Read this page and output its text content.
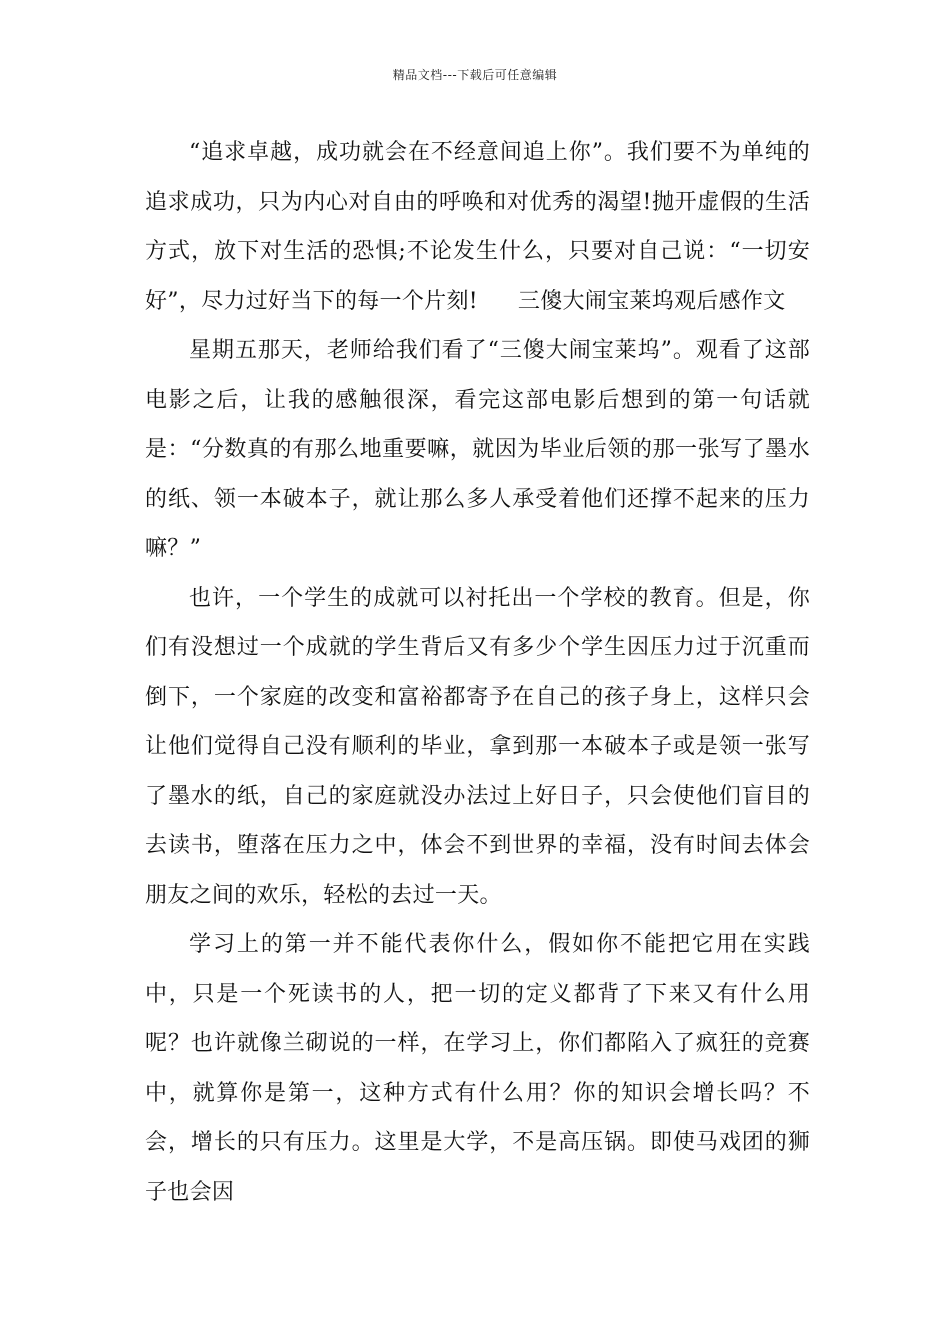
精品文档---下载后可任意编辑

“追求卓越，成功就会在不经意间追上你”。我们要不为单纯的追求成功，只为内心对自由的呼唤和对优秀的渴望!抛开虚假的生活方式，放下对生活的恐惧;不论发生什么，只要对自己说：“一切安好”，尽力过好当下的每一个片刻! 三傻大闹宝莱坞观后感作文

星期五那天，老师给我们看了“三傻大闹宝莱坞”。观看了这部电影之后，让我的感触很深，看完这部电影后想到的第一句话就是：“分数真的有那么地重要嘛，就因为毕业后领的那一张写了墨水的纸、领一本破本子，就让那么多人承受着他们还撑不起来的压力嘛？”

也许，一个学生的成就可以衬托出一个学校的教育。但是，你们有没想过一个成就的学生背后又有多少个学生因压力过于沉重而倒下，一个家庭的改变和富裕都寄予在自己的孩子身上，这样只会让他们觉得自己没有顺利的毕业，拿到那一本破本子或是领一张写了墨水的纸，自己的家庭就没办法过上好日子，只会使他们盲目的去读书，堕落在压力之中，体会不到世界的幸福，没有时间去体会朋友之间的欢乐，轻松的去过一天。

学习上的第一并不能代表你什么，假如你不能把它用在实践中，只是一个死读书的人，把一切的定义都背了下来又有什么用呢？也许就像兰砌说的一样，在学习上，你们都陷入了疯狂的竞赛中，就算你是第一，这种方式有什么用？你的知识会增长吗？不会，增长的只有压力。这里是大学，不是高压锅。即使马戏团的狮子也会因
